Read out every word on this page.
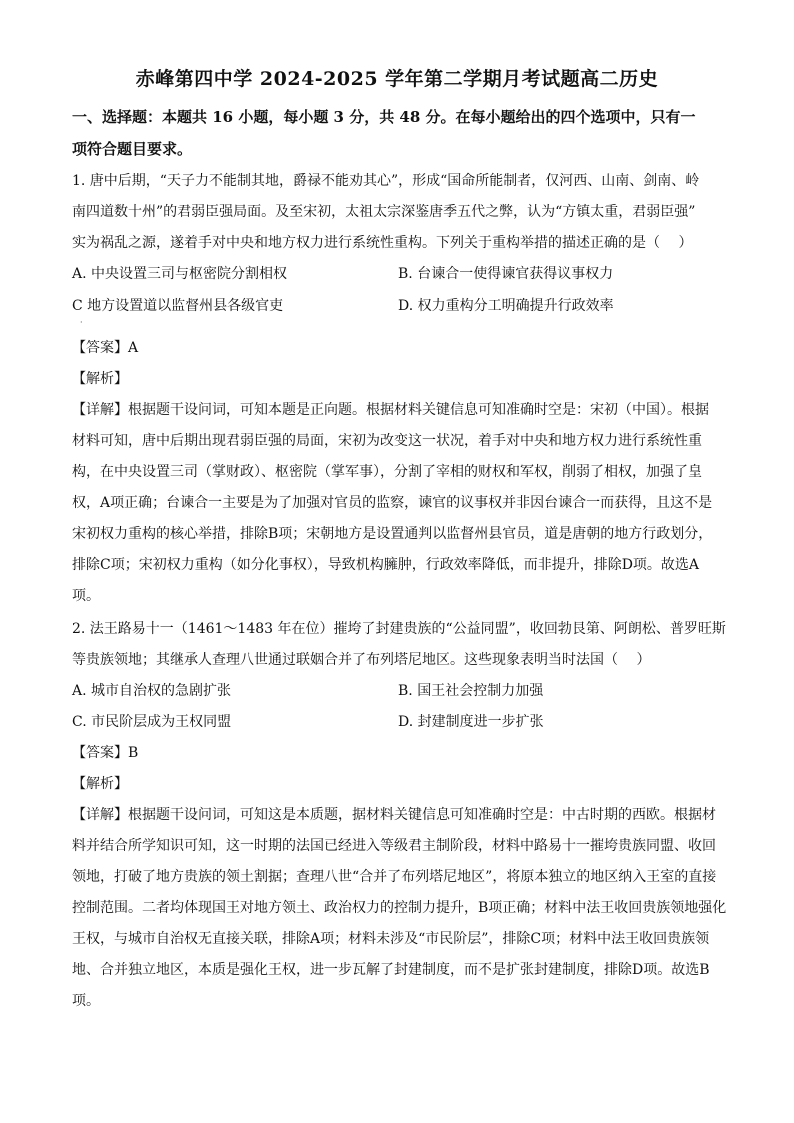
赤峰第四中学 2024-2025 学年第二学期月考试题高二历史
一、选择题：本题共 16 小题，每小题 3 分，共 48 分。在每小题给出的四个选项中，只有一
项符合题目要求。
1. 唐中后期，“天子力不能制其地，爵禄不能劝其心”，形成“国命所能制者，仅河西、山南、剑南、岭
南四道数十州”的君弱臣强局面。及至宋初，太祖太宗深鉴唐季五代之弊，认为“方镇太重，君弱臣强”
实为祸乱之源，遂着手对中央和地方权力进行系统性重构。下列关于重构举措的描述正确的是（　 ）
A. 中央设置三司与枢密院分割相权	B. 台谏合一使得谏官获得议事权力
C 地方设置道以监督州县各级官吏	D. 权力重构分工明确提升行政效率
·
【答案】A
【解析】
【详解】根据题干设问词，可知本题是正向题。根据材料关键信息可知准确时空是：宋初（中国）。根据
材料可知，唐中后期出现君弱臣强的局面，宋初为改变这一状况，着手对中央和地方权力进行系统性重
构，在中央设置三司（掌财政）、枢密院（掌军事），分割了宰相的财权和军权，削弱了相权，加强了皇
权，A项正确；台谏合一主要是为了加强对官员的监察，谏官的议事权并非因台谏合一而获得，且这不是
宋初权力重构的核心举措，排除B项；宋朝地方是设置通判以监督州县官员，道是唐朝的地方行政划分，
排除C项；宋初权力重构（如分化事权），导致机构臃肿，行政效率降低，而非提升，排除D项。故选A
项。
2. 法王路易十一（1461～1483 年在位）摧垮了封建贵族的“公益同盟”，收回勃艮第、阿朗松、普罗旺斯
等贵族领地；其继承人查理八世通过联姻合并了布列塔尼地区。这些现象表明当时法国（　 ）
A. 城市自治权的急剧扩张	B. 国王社会控制力加强
C. 市民阶层成为王权同盟	D. 封建制度进一步扩张
【答案】B
【解析】
【详解】根据题干设问词，可知这是本质题，据材料关键信息可知准确时空是：中古时期的西欧。根据材
料并结合所学知识可知，这一时期的法国已经进入等级君主制阶段，材料中路易十一摧垮贵族同盟、收回
领地，打破了地方贵族的领土割据；查理八世“合并了布列塔尼地区”，将原本独立的地区纳入王室的直接
控制范围。二者均体现国王对地方领土、政治权力的控制力提升，B项正确；材料中法王收回贵族领地强化
王权，与城市自治权无直接关联，排除A项；材料未涉及“市民阶层”，排除C项；材料中法王收回贵族领
地、合并独立地区，本质是强化王权，进一步瓦解了封建制度，而不是扩张封建制度，排除D项。故选B
项。
